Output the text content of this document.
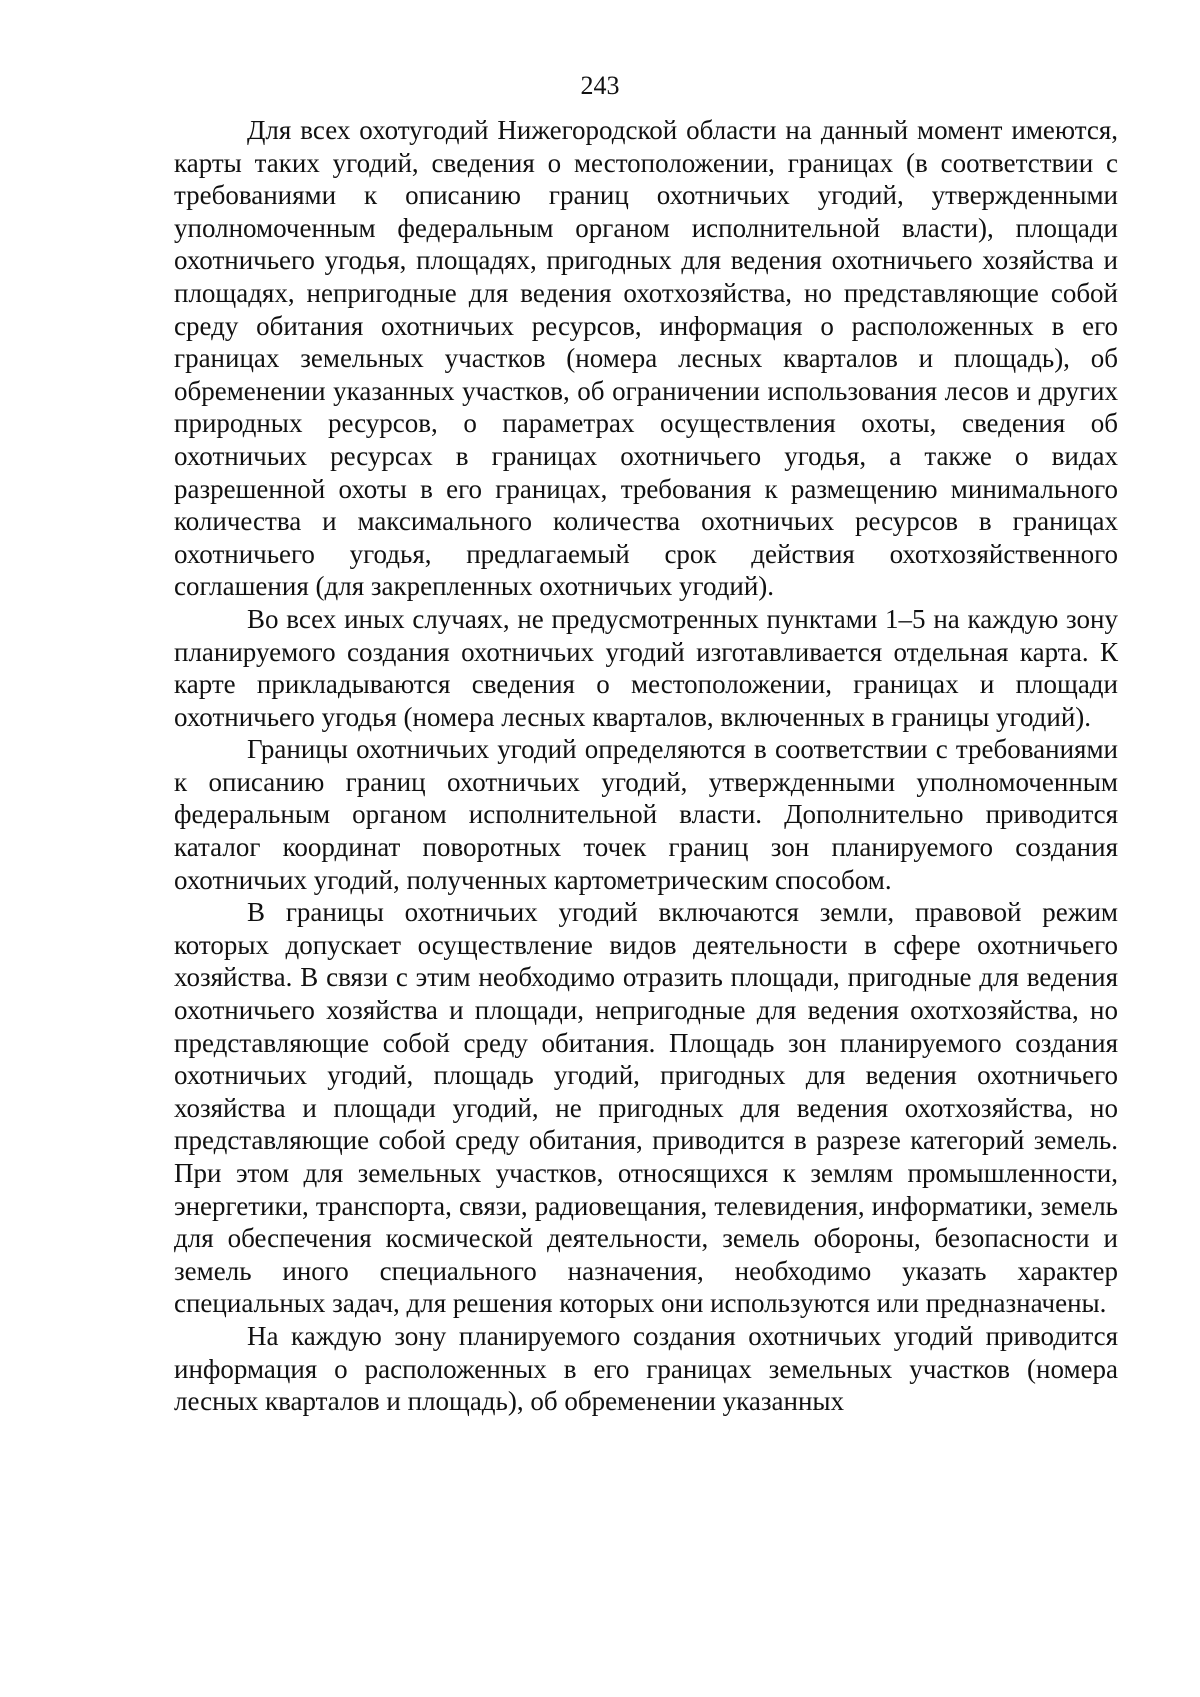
243

Для всех охотугодий Нижегородской области на данный момент имеются, карты таких угодий, сведения о местоположении, границах (в соответствии с требованиями к описанию границ охотничьих угодий, утвержденными уполномоченным федеральным органом исполнительной власти), площади охотничьего угодья, площадях, пригодных для ведения охотничьего хозяйства и площадях, непригодные для ведения охотхозяйства, но представляющие собой среду обитания охотничьих ресурсов, информация о расположенных в его границах земельных участков (номера лесных кварталов и площадь), об обременении указанных участков, об ограничении использования лесов и других природных ресурсов, о параметрах осуществления охоты, сведения об охотничьих ресурсах в границах охотничьего угодья, а также о видах разрешенной охоты в его границах, требования к размещению минимального количества и максимального количества охотничьих ресурсов в границах охотничьего угодья, предлагаемый срок действия охотхозяйственного соглашения (для закрепленных охотничьих угодий).

Во всех иных случаях, не предусмотренных пунктами 1–5 на каждую зону планируемого создания охотничьих угодий изготавливается отдельная карта. К карте прикладываются сведения о местоположении, границах и площади охотничьего угодья (номера лесных кварталов, включенных в границы угодий).

Границы охотничьих угодий определяются в соответствии с требованиями к описанию границ охотничьих угодий, утвержденными уполномоченным федеральным органом исполнительной власти. Дополнительно приводится каталог координат поворотных точек границ зон планируемого создания охотничьих угодий, полученных картометрическим способом.

В границы охотничьих угодий включаются земли, правовой режим которых допускает осуществление видов деятельности в сфере охотничьего хозяйства. В связи с этим необходимо отразить площади, пригодные для ведения охотничьего хозяйства и площади, непригодные для ведения охотхозяйства, но представляющие собой среду обитания. Площадь зон планируемого создания охотничьих угодий, площадь угодий, пригодных для ведения охотничьего хозяйства и площади угодий, не пригодных для ведения охотхозяйства, но представляющие собой среду обитания, приводится в разрезе категорий земель. При этом для земельных участков, относящихся к землям промышленности, энергетики, транспорта, связи, радиовещания, телевидения, информатики, земель для обеспечения космической деятельности, земель обороны, безопасности и земель иного специального назначения, необходимо указать характер специальных задач, для решения которых они используются или предназначены.

На каждую зону планируемого создания охотничьих угодий приводится информация о расположенных в его границах земельных участков (номера лесных кварталов и площадь), об обременении указанных
